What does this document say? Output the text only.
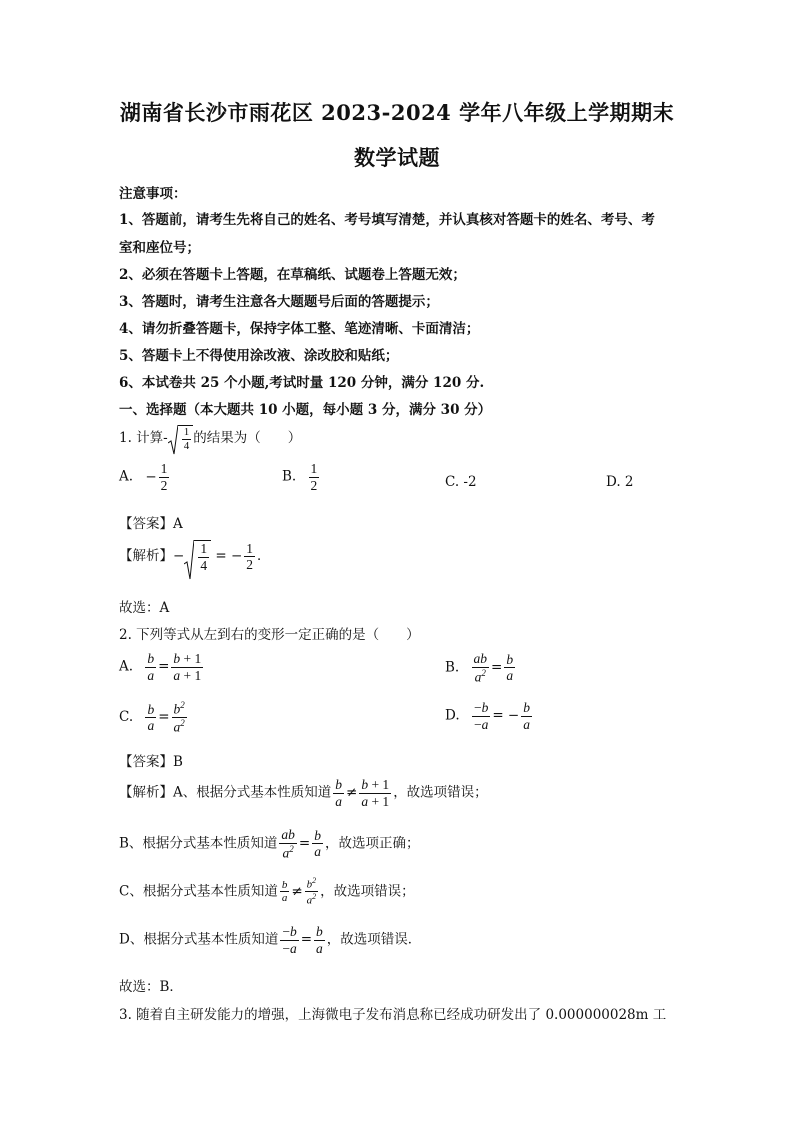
湖南省长沙市雨花区 2023-2024 学年八年级上学期期末
数学试题
注意事项：
1、答题前，请考生先将自己的姓名、考号填写清楚，并认真核对答题卡的姓名、考号、考
室和座位号；
2、必须在答题卡上答题，在草稿纸、试题卷上答题无效；
3、答题时，请考生注意各大题题号后面的答题提示；
4、请勿折叠答题卡，保持字体工整、笔迹清晰、卡面清洁；
5、答题卡上不得使用涂改液、涂改胶和贴纸；
6、本试卷共 25 个小题,考试时量 120 分钟，满分 120 分.
一、选择题（本大题共 10 小题，每小题 3 分，满分 30 分）
1. 计算- $\frac{1}{4}$ 的结果为（　　）
A. − $\frac{1}{2}$	B. $\frac{1}{2}$	C. -2	D. 2
【答案】A
【解析】− $\frac{1}{4}$ = − $\frac{1}{2}$ ．
故选：A
2. 下列等式从左到右的变形一定正确的是（　　）
A. $\frac{b}{a} = \frac{b + 1}{a + 1}$	B. $\frac{ab}{a^2} = \frac{b}{a}$
C. $\frac{b}{a} = \frac{b^2}{a^2}$	D. $\frac{-b}{-a}$ = − $\frac{b}{a}$
【答案】B
【解析】A、根据分式基本性质知道 $\frac{b}{a} \ne \frac{b + 1}{a + 1}$ ，故选项错误；
B、根据分式基本性质知道 $\frac{ab}{a^2} = \frac{b}{a}$ ，故选项正确；
C、根据分式基本性质知道 $\frac{b}{a} \ne \frac{b^2}{a^2}$ ，故选项错误；
D、根据分式基本性质知道 $\frac{-b}{-a} = \frac{b}{a}$ ，故选项错误．
故选：B．
3. 随着自主研发能力的增强，上海微电子发布消息称已经成功研发出了 0.000000028m 工
